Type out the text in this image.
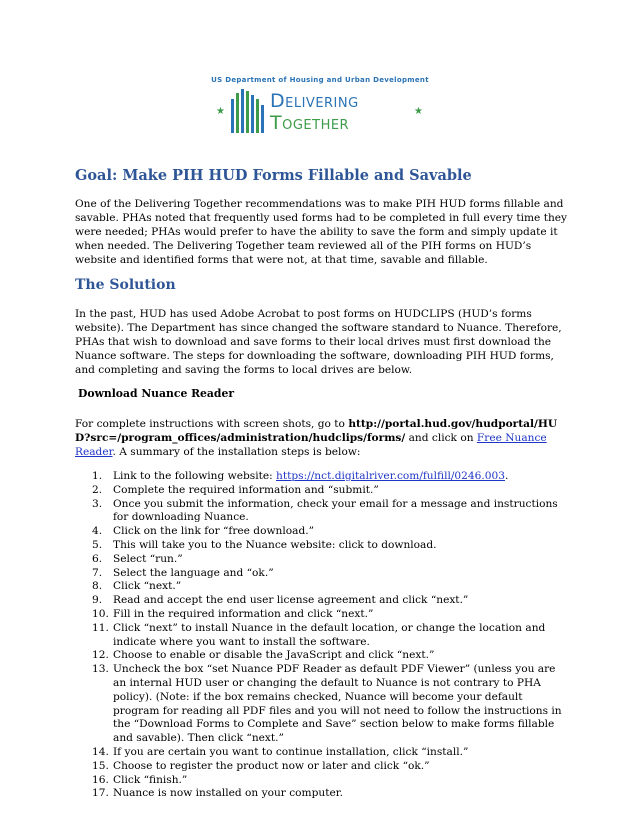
US Department of Housing and Urban Development
★	★
Delivering
Together
Goal: Make PIH HUD Forms Fillable and Savable

One of the Delivering Together recommendations was to make PIH HUD forms fillable and savable. PHAs noted that frequently used forms had to be completed in full every time they were needed; PHAs would prefer to have the ability to save the form and simply update it when needed. The Delivering Together team reviewed all of the PIH forms on HUD’s website and identified forms that were not, at that time, savable and fillable.

The Solution

In the past, HUD has used Adobe Acrobat to post forms on HUDCLIPS (HUD’s forms website). The Department has since changed the software standard to Nuance. Therefore, PHAs that wish to download and save forms to their local drives must first download the Nuance software. The steps for downloading the software, downloading PIH HUD forms, and completing and saving the forms to local drives are below.

Download Nuance Reader

For complete instructions with screen shots, go to http://portal.hud.gov/hudportal/HUD?src=/program_offices/administration/hudclips/forms/ and click on Free Nuance Reader. A summary of the installation steps is below:

1. Link to the following website: https://nct.digitalriver.com/fulfill/0246.003.
2. Complete the required information and “submit.”
3. Once you submit the information, check your email for a message and instructions for downloading Nuance.
4. Click on the link for “free download.”
5. This will take you to the Nuance website: click to download.
6. Select “run.”
7. Select the language and “ok.”
8. Click “next.”
9. Read and accept the end user license agreement and click “next.”
10. Fill in the required information and click “next.”
11. Click “next” to install Nuance in the default location, or change the location and indicate where you want to install the software.
12. Choose to enable or disable the JavaScript and click “next.”
13. Uncheck the box “set Nuance PDF Reader as default PDF Viewer” (unless you are an internal HUD user or changing the default to Nuance is not contrary to PHA policy). (Note: if the box remains checked, Nuance will become your default program for reading all PDF files and you will not need to follow the instructions in the “Download Forms to Complete and Save” section below to make forms fillable and savable). Then click “next.”
14. If you are certain you want to continue installation, click “install.”
15. Choose to register the product now or later and click “ok.”
16. Click “finish.”
17. Nuance is now installed on your computer.
